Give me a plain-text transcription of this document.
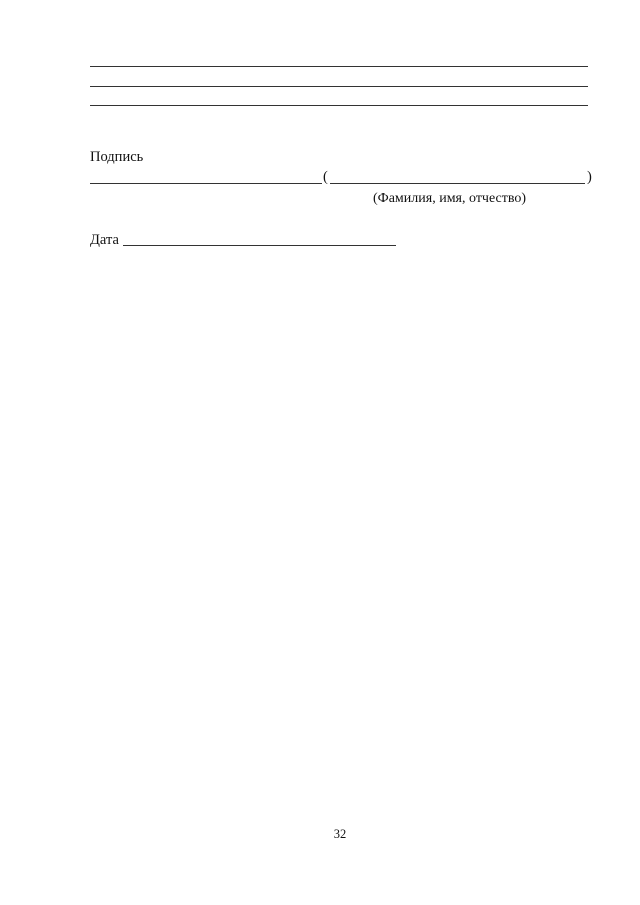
Подпись
(	)
(Фамилия, имя, отчество)
Дата
32
